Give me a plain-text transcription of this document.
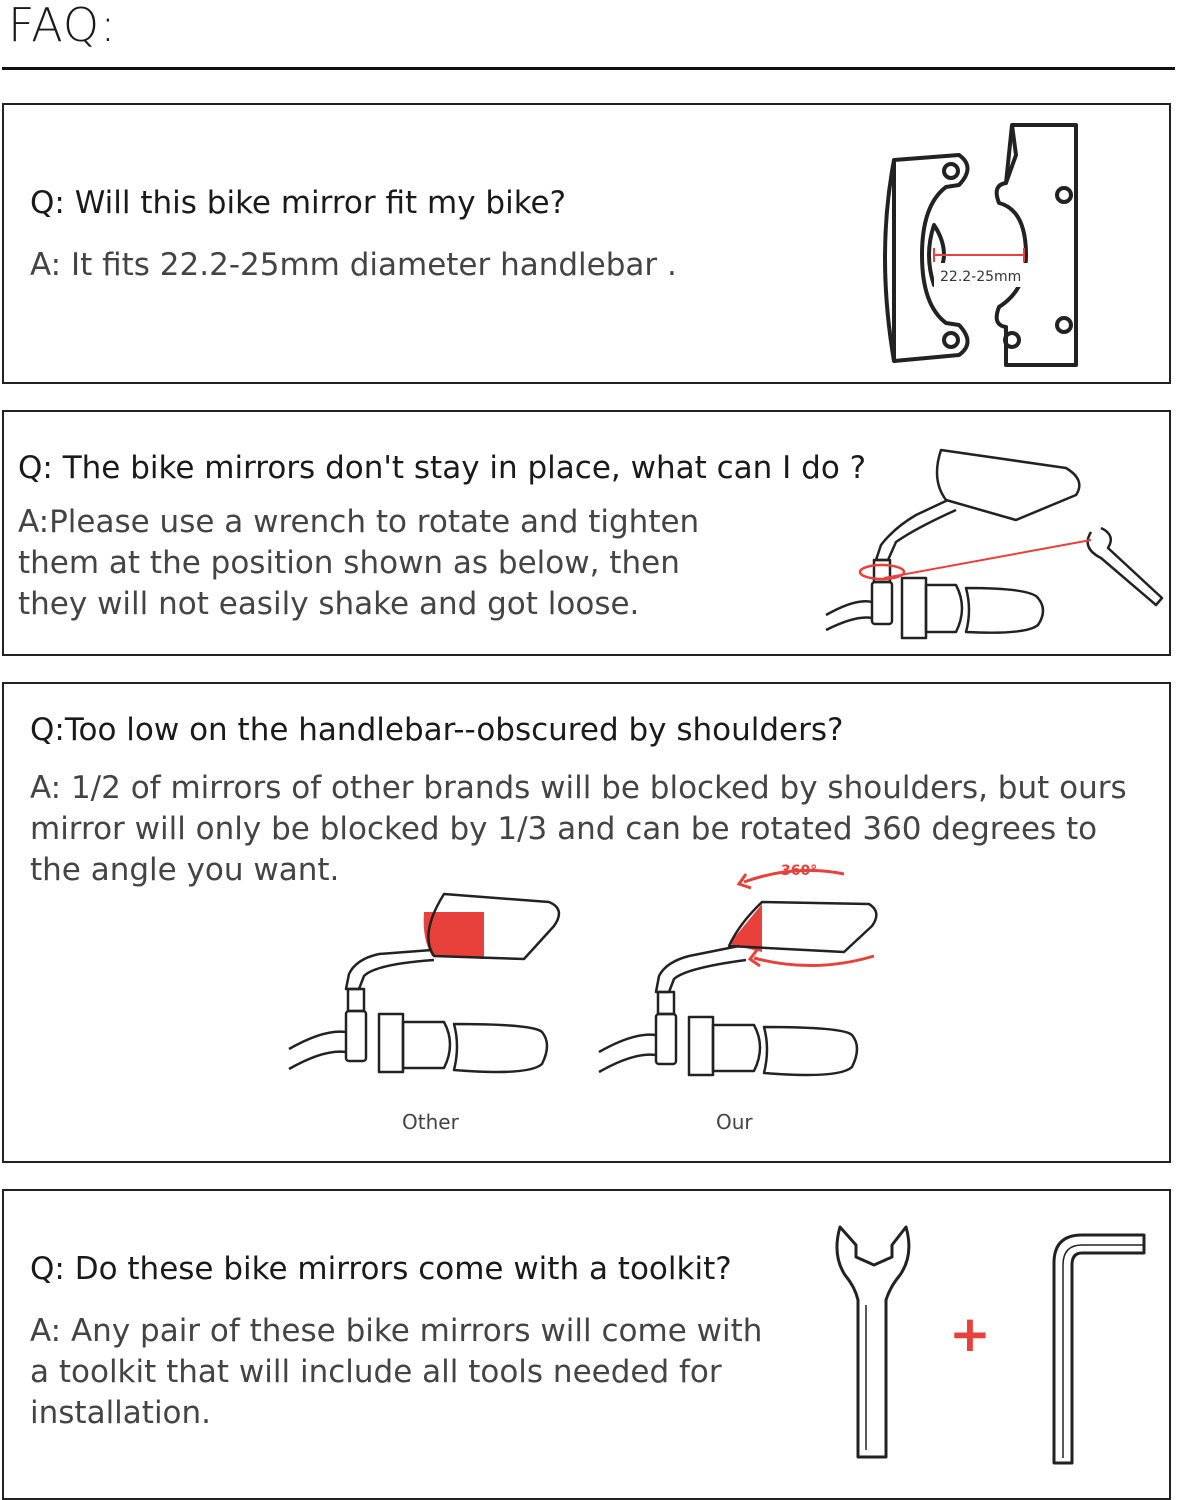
FAQ:
Q: Will this bike mirror fit my bike?
A: It fits 22.2-25mm diameter handlebar .	22.2-25mm
Q: The bike mirrors don't stay in place, what can I do ?
A:Please use a wrench to rotate and tighten
them at the position shown as below, then
they will not easily shake and got loose.
Q:Too low on the handlebar--obscured by shoulders?
A: 1/2 of mirrors of other brands will be blocked by shoulders, but ours
mirror will only be blocked by 1/3 and can be rotated 360 degrees to
the angle you want.
Other
360°
Our
Q: Do these bike mirrors come with a toolkit?
A: Any pair of these bike mirrors will come with
a toolkit that will include all tools needed for
installation.
+
